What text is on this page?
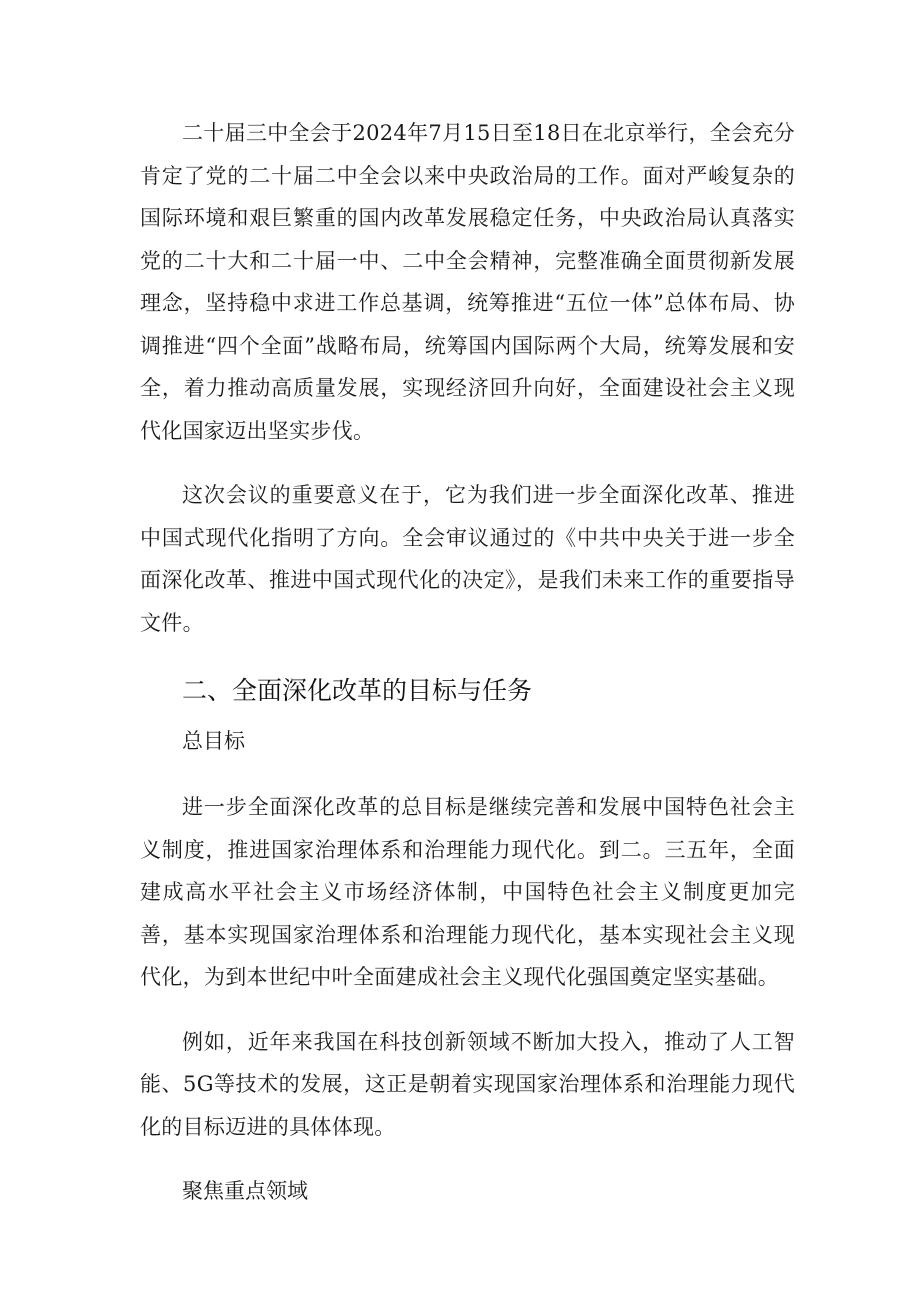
二十届三中全会于2024年7月15日至18日在北京举行，全会充分肯定了党的二十届二中全会以来中央政治局的工作。面对严峻复杂的国际环境和艰巨繁重的国内改革发展稳定任务，中央政治局认真落实党的二十大和二十届一中、二中全会精神，完整准确全面贯彻新发展理念，坚持稳中求进工作总基调，统筹推进“五位一体”总体布局、协调推进“四个全面”战略布局，统筹国内国际两个大局，统筹发展和安全，着力推动高质量发展，实现经济回升向好，全面建设社会主义现代化国家迈出坚实步伐。

这次会议的重要意义在于，它为我们进一步全面深化改革、推进中国式现代化指明了方向。全会审议通过的《中共中央关于进一步全面深化改革、推进中国式现代化的决定》，是我们未来工作的重要指导文件。

二、全面深化改革的目标与任务

总目标

进一步全面深化改革的总目标是继续完善和发展中国特色社会主义制度，推进国家治理体系和治理能力现代化。到二。三五年，全面建成高水平社会主义市场经济体制，中国特色社会主义制度更加完善，基本实现国家治理体系和治理能力现代化，基本实现社会主义现代化，为到本世纪中叶全面建成社会主义现代化强国奠定坚实基础。

例如，近年来我国在科技创新领域不断加大投入，推动了人工智能、5G等技术的发展，这正是朝着实现国家治理体系和治理能力现代化的目标迈进的具体体现。

聚焦重点领域
